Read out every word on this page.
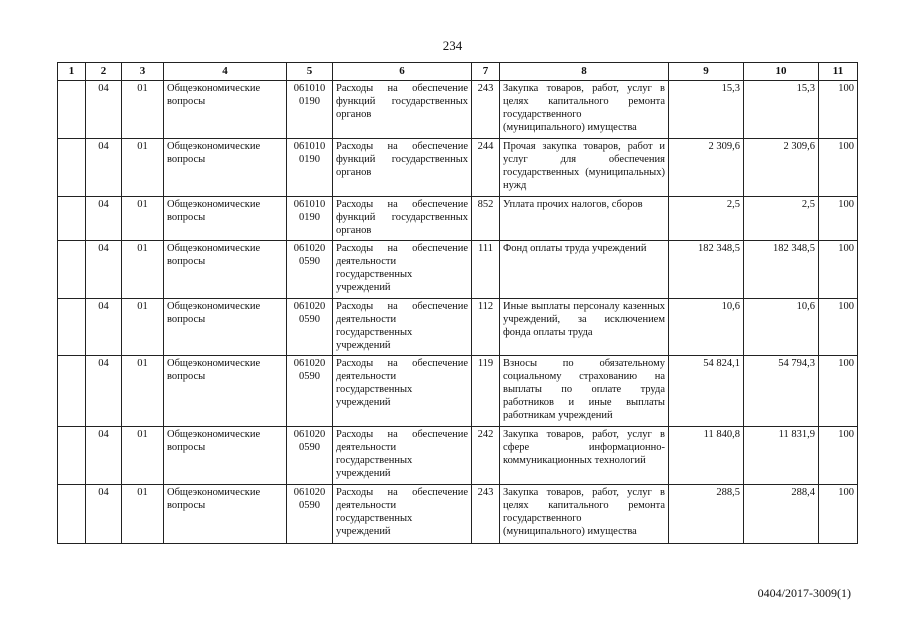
234
1	2	3	4	5	6	7	8	9	10	11
	04	01	Общеэкономические вопросы	061010 0190	Расходы на обеспечение функций государственных органов	243	Закупка товаров, работ, услуг в целях капитального ремонта государственного (муниципального) имущества	15,3	15,3	100
	04	01	Общеэкономические вопросы	061010 0190	Расходы на обеспечение функций государственных органов	244	Прочая закупка товаров, работ и услуг для обеспечения государственных (муниципальных) нужд	2 309,6	2 309,6	100
	04	01	Общеэкономические вопросы	061010 0190	Расходы на обеспечение функций государственных органов	852	Уплата прочих налогов, сборов	2,5	2,5	100
	04	01	Общеэкономические вопросы	061020 0590	Расходы на обеспечение деятельности государственных учреждений	111	Фонд оплаты труда учреждений	182 348,5	182 348,5	100
	04	01	Общеэкономические вопросы	061020 0590	Расходы на обеспечение деятельности государственных учреждений	112	Иные выплаты персоналу казенных учреждений, за исключением фонда оплаты труда	10,6	10,6	100
	04	01	Общеэкономические вопросы	061020 0590	Расходы на обеспечение деятельности государственных учреждений	119	Взносы по обязательному социальному страхованию на выплаты по оплате труда работников и иные выплаты работникам учреждений	54 824,1	54 794,3	100
	04	01	Общеэкономические вопросы	061020 0590	Расходы на обеспечение деятельности государственных учреждений	242	Закупка товаров, работ, услуг в сфере информационно-коммуникационных технологий	11 840,8	11 831,9	100
	04	01	Общеэкономические вопросы	061020 0590	Расходы на обеспечение деятельности государственных учреждений	243	Закупка товаров, работ, услуг в целях капитального ремонта государственного (муниципального) имущества	288,5	288,4	100
0404/2017-3009(1)
